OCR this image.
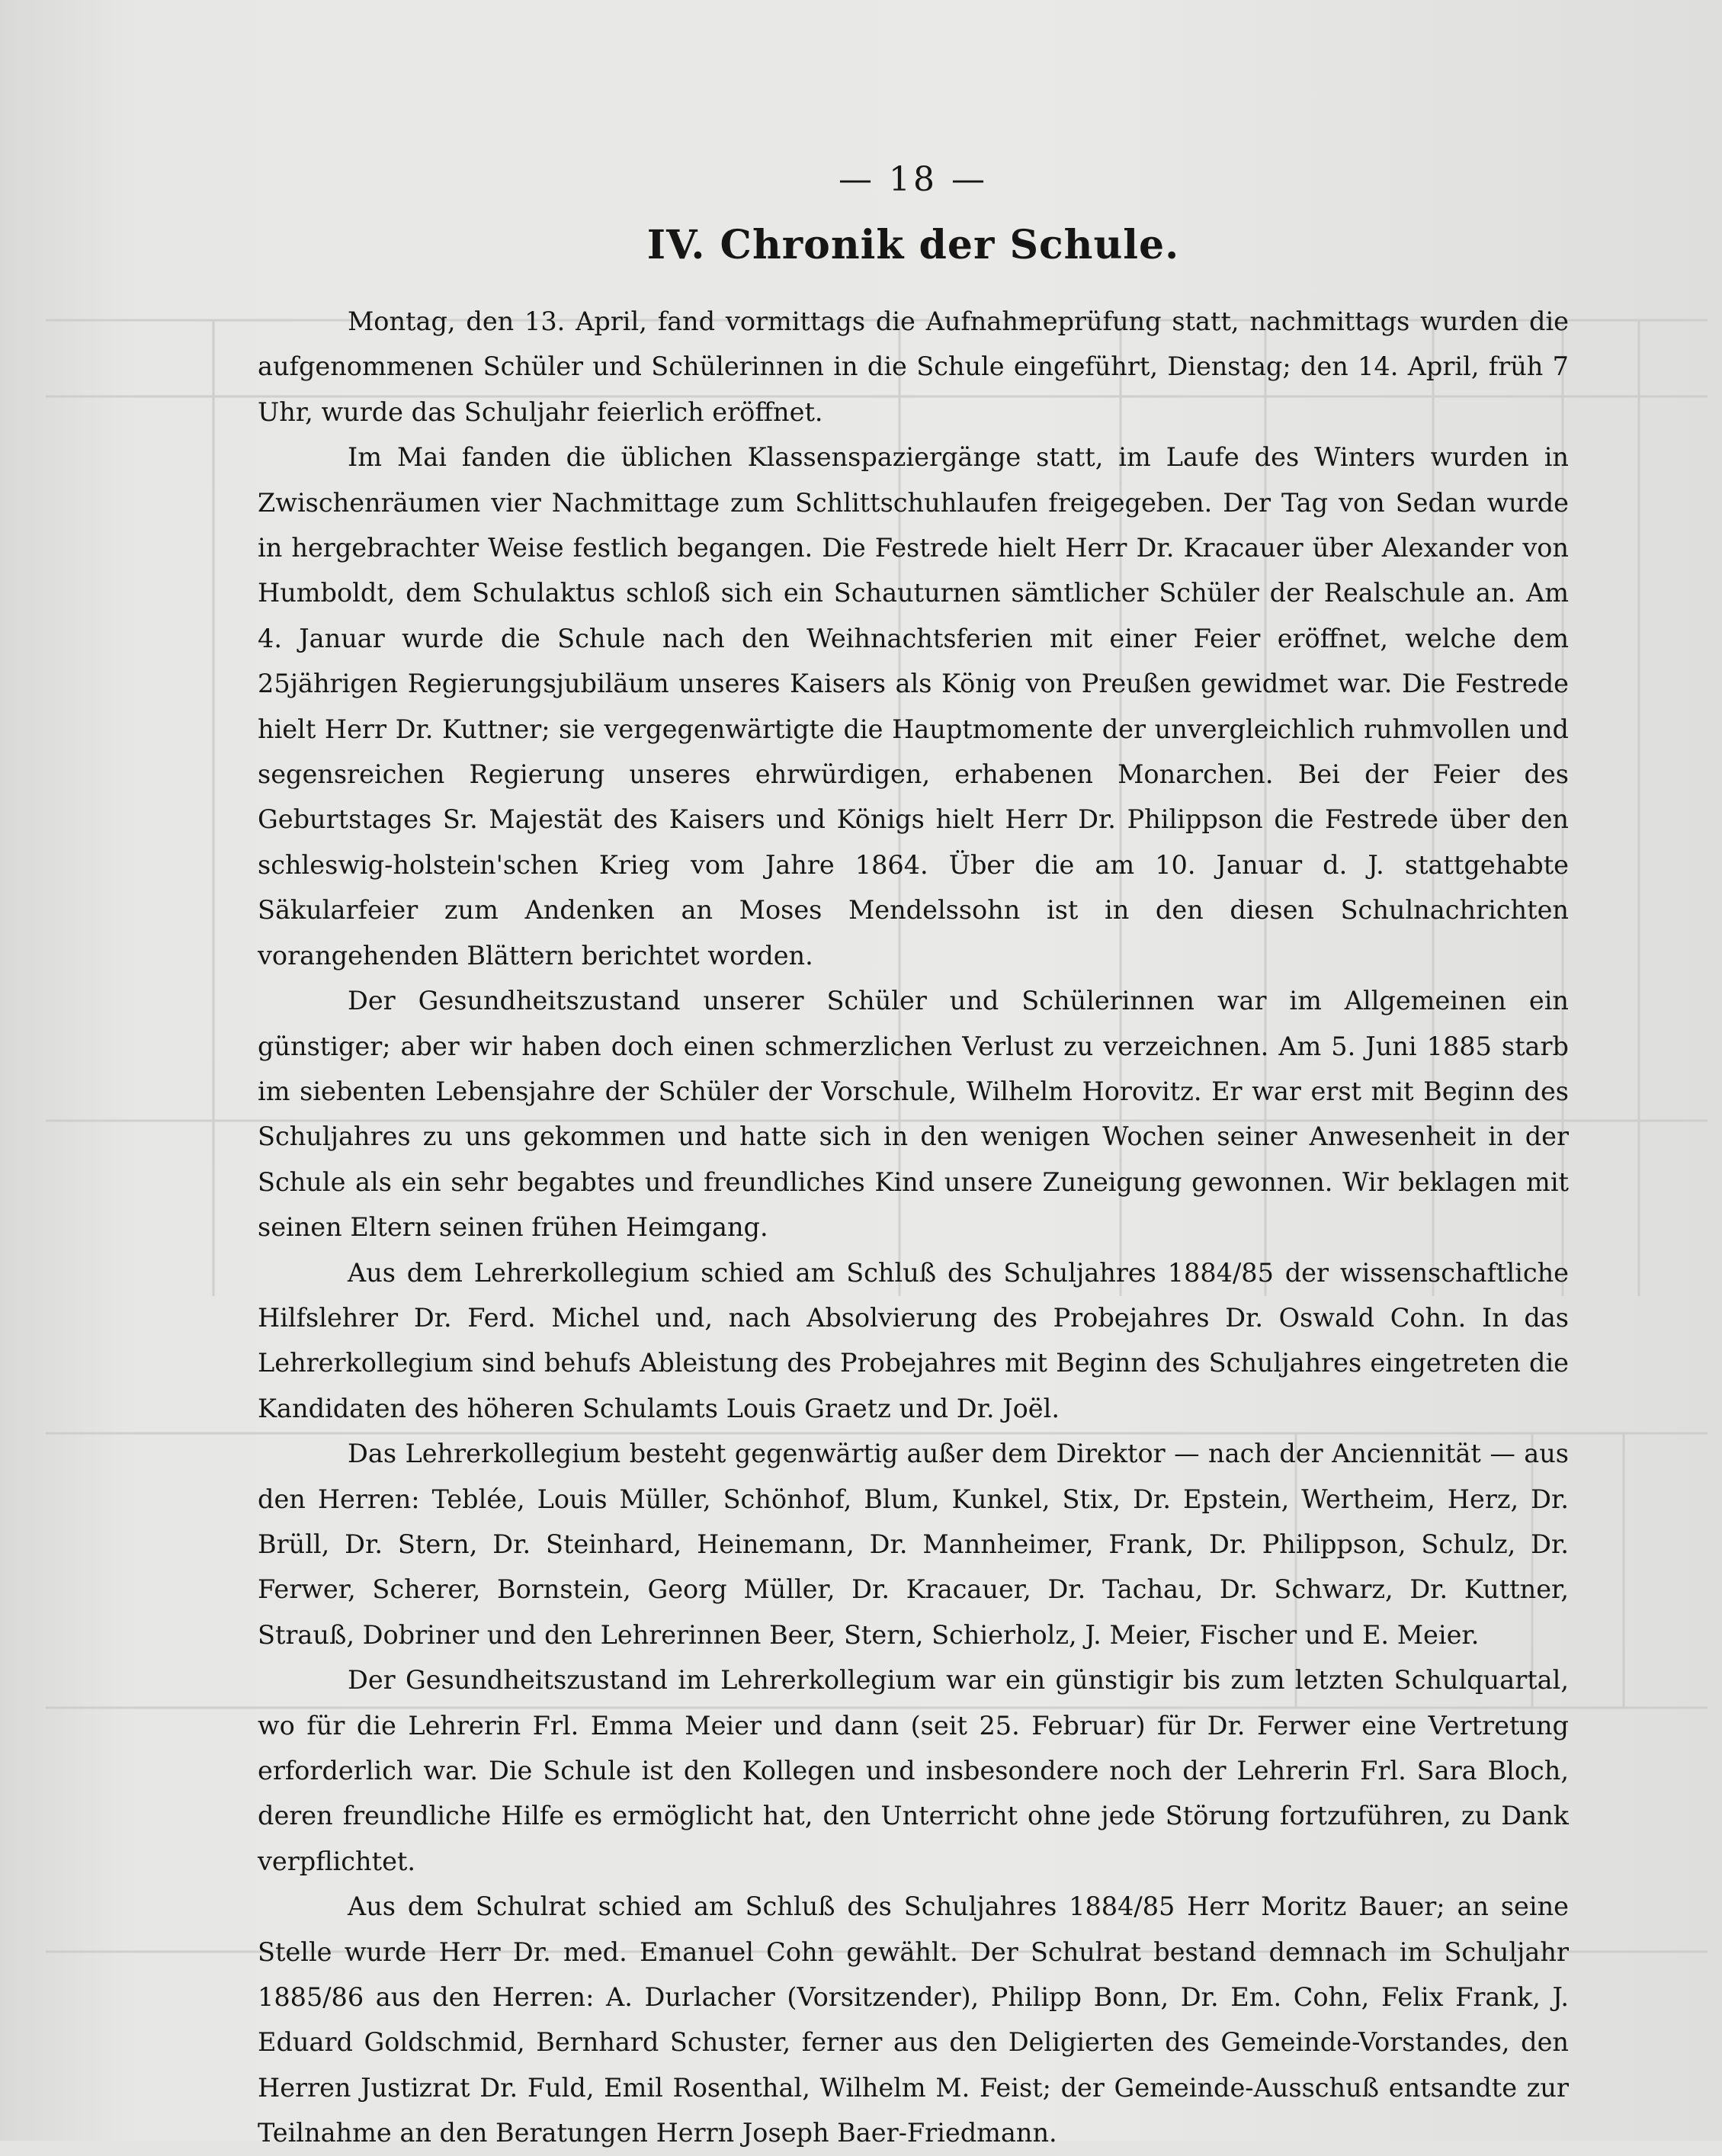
— 18 —
IV. Chronik der Schule.

Montag, den 13. April, fand vormittags die Aufnahmeprüfung statt, nachmittags wurden die aufgenommenen Schüler und Schülerinnen in die Schule eingeführt, Dienstag; den 14. April, früh 7 Uhr, wurde das Schuljahr feierlich eröffnet.

Im Mai fanden die üblichen Klassenspaziergänge statt, im Laufe des Winters wurden in Zwischenräumen vier Nachmittage zum Schlittschuhlaufen freigegeben. Der Tag von Sedan wurde in hergebrachter Weise festlich begangen. Die Festrede hielt Herr Dr. Kracauer über Alexander von Humboldt, dem Schulaktus schloß sich ein Schauturnen sämtlicher Schüler der Realschule an. Am 4. Januar wurde die Schule nach den Weihnachtsferien mit einer Feier eröffnet, welche dem 25jährigen Regierungsjubiläum unseres Kaisers als König von Preußen gewidmet war. Die Festrede hielt Herr Dr. Kuttner; sie vergegenwärtigte die Hauptmomente der unvergleichlich ruhmvollen und segensreichen Regierung unseres ehrwürdigen, erhabenen Monarchen. Bei der Feier des Geburtstages Sr. Majestät des Kaisers und Königs hielt Herr Dr. Philippson die Festrede über den schleswig-holstein'schen Krieg vom Jahre 1864. Über die am 10. Januar d. J. stattgehabte Säkularfeier zum Andenken an Moses Mendelssohn ist in den diesen Schulnachrichten vorangehenden Blättern berichtet worden.

Der Gesundheitszustand unserer Schüler und Schülerinnen war im Allgemeinen ein günstiger; aber wir haben doch einen schmerzlichen Verlust zu verzeichnen. Am 5. Juni 1885 starb im siebenten Lebensjahre der Schüler der Vorschule, Wilhelm Horovitz. Er war erst mit Beginn des Schuljahres zu uns gekommen und hatte sich in den wenigen Wochen seiner Anwesenheit in der Schule als ein sehr begabtes und freundliches Kind unsere Zuneigung gewonnen. Wir beklagen mit seinen Eltern seinen frühen Heimgang.

Aus dem Lehrerkollegium schied am Schluß des Schuljahres 1884/85 der wissenschaftliche Hilfslehrer Dr. Ferd. Michel und, nach Absolvierung des Probejahres Dr. Oswald Cohn. In das Lehrerkollegium sind behufs Ableistung des Probejahres mit Beginn des Schuljahres eingetreten die Kandidaten des höheren Schulamts Louis Graetz und Dr. Joël.

Das Lehrerkollegium besteht gegenwärtig außer dem Direktor — nach der Anciennität — aus den Herren: Teblée, Louis Müller, Schönhof, Blum, Kunkel, Stix, Dr. Epstein, Wertheim, Herz, Dr. Brüll, Dr. Stern, Dr. Steinhard, Heinemann, Dr. Mannheimer, Frank, Dr. Philippson, Schulz, Dr. Ferwer, Scherer, Bornstein, Georg Müller, Dr. Kracauer, Dr. Tachau, Dr. Schwarz, Dr. Kuttner, Strauß, Dobriner und den Lehrerinnen Beer, Stern, Schierholz, J. Meier, Fischer und E. Meier.

Der Gesundheitszustand im Lehrerkollegium war ein günstigir bis zum letzten Schulquartal, wo für die Lehrerin Frl. Emma Meier und dann (seit 25. Februar) für Dr. Ferwer eine Vertretung erforderlich war. Die Schule ist den Kollegen und insbesondere noch der Lehrerin Frl. Sara Bloch, deren freundliche Hilfe es ermöglicht hat, den Unterricht ohne jede Störung fortzuführen, zu Dank verpflichtet.

Aus dem Schulrat schied am Schluß des Schuljahres 1884/85 Herr Moritz Bauer; an seine Stelle wurde Herr Dr. med. Emanuel Cohn gewählt. Der Schulrat bestand demnach im Schuljahr 1885/86 aus den Herren: A. Durlacher (Vorsitzender), Philipp Bonn, Dr. Em. Cohn, Felix Frank, J. Eduard Goldschmid, Bernhard Schuster, ferner aus den Deligierten des Gemeinde-Vorstandes, den Herren Justizrat Dr. Fuld, Emil Rosenthal, Wilhelm M. Feist; der Gemeinde-Ausschuß entsandte zur Teilnahme an den Beratungen Herrn Joseph Baer-Friedmann.
